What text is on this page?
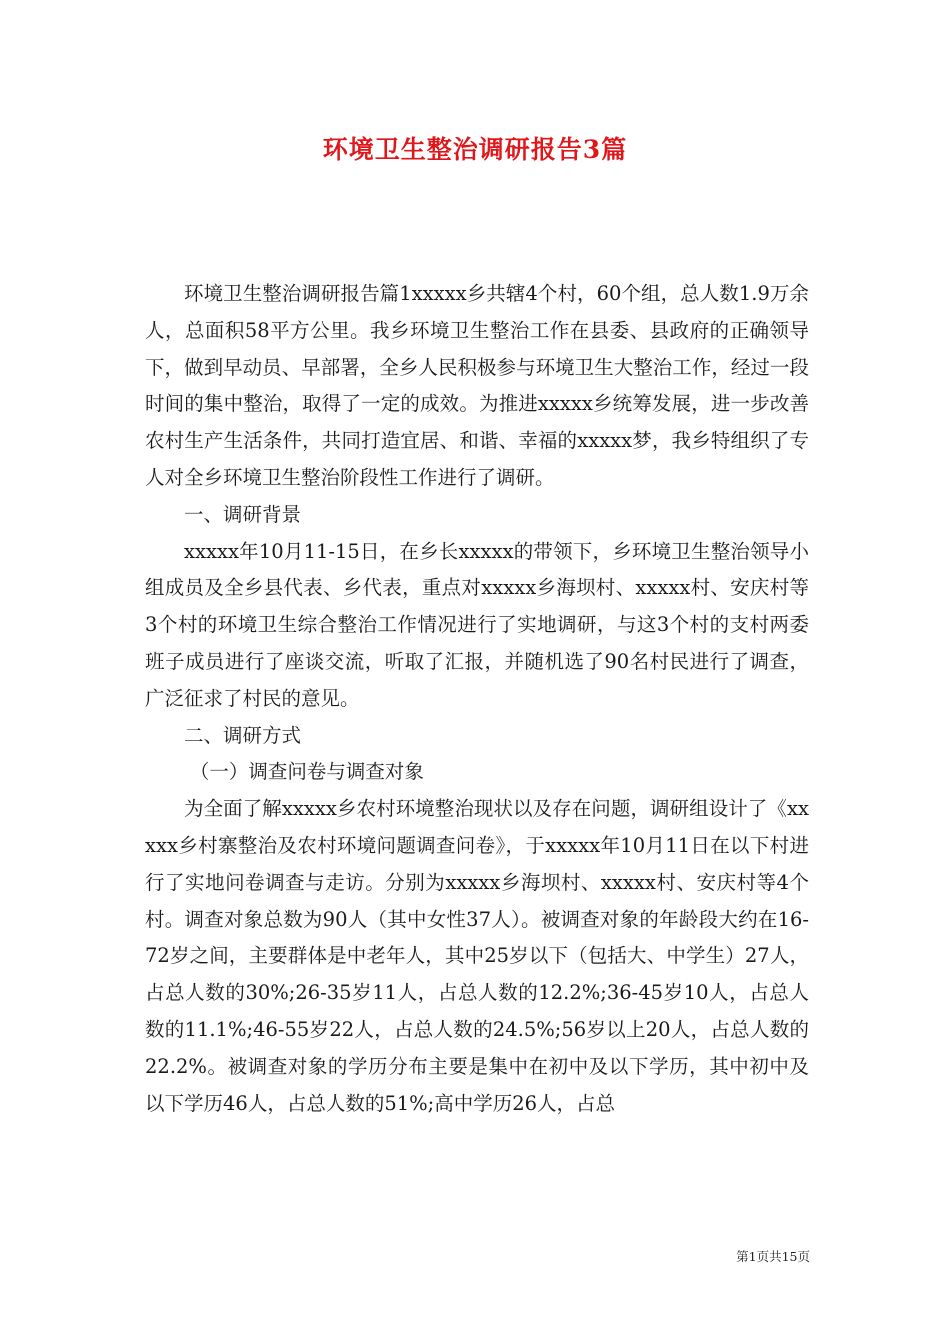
环境卫生整治调研报告3篇

环境卫生整治调研报告篇1xxxxx乡共辖4个村，60个组，总人数1.9万余人，总面积58平方公里。我乡环境卫生整治工作在县委、县政府的正确领导下，做到早动员、早部署，全乡人民积极参与环境卫生大整治工作，经过一段时间的集中整治，取得了一定的成效。为推进xxxxx乡统筹发展，进一步改善农村生产生活条件，共同打造宜居、和谐、幸福的xxxxx梦，我乡特组织了专人对全乡环境卫生整治阶段性工作进行了调研。

一、调研背景

xxxxx年10月11-15日，在乡长xxxxx的带领下，乡环境卫生整治领导小组成员及全乡县代表、乡代表，重点对xxxxx乡海坝村、xxxxx村、安庆村等3个村的环境卫生综合整治工作情况进行了实地调研，与这3个村的支村两委班子成员进行了座谈交流，听取了汇报，并随机选了90名村民进行了调查，广泛征求了村民的意见。

二、调研方式

（一）调查问卷与调查对象

为全面了解xxxxx乡农村环境整治现状以及存在问题，调研组设计了《xxxxx乡村寨整治及农村环境问题调查问卷》，于xxxxx年10月11日在以下村进行了实地问卷调查与走访。分别为xxxxx乡海坝村、xxxxx村、安庆村等4个村。调查对象总数为90人（其中女性37人）。被调查对象的年龄段大约在16-72岁之间，主要群体是中老年人，其中25岁以下（包括大、中学生）27人，占总人数的30%;26-35岁11人，占总人数的12.2%;36-45岁10人，占总人数的11.1%;46-55岁22人，占总人数的24.5%;56岁以上20人，占总人数的22.2%。被调查对象的学历分布主要是集中在初中及以下学历，其中初中及以下学历46人，占总人数的51%;高中学历26人，占总

第1页共15页
